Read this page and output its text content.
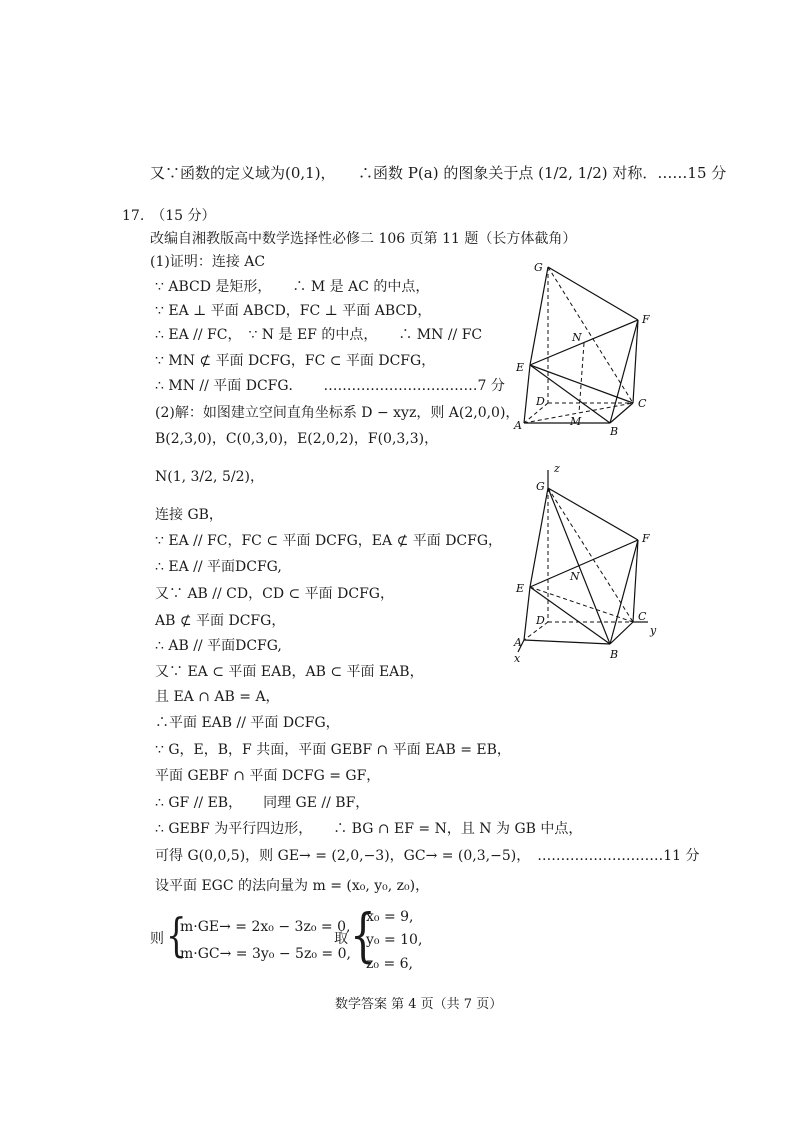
又∵函数的定义域为(0,1)，　　∴函数 P(a) 的图象关于点 (1/2, 1/2) 对称．……15 分
17.　（15 分）
改编自湘教版高中数学选择性必修二 106 页第 11 题（长方体截角）
(1)证明：连接 AC
∵ ABCD 是矩形，　　∴ M 是 AC 的中点，
∵ EA ⊥ 平面 ABCD，FC ⊥ 平面 ABCD，
∴ EA // FC，　∵ N 是 EF 的中点，　　∴ MN // FC
∵ MN ⊄ 平面 DCFG，FC ⊂ 平面 DCFG，
∴ MN // 平面 DCFG．　　……………………………7 分
(2)解：如图建立空间直角坐标系 D − xyz，则 A(2,0,0)，
B(2,3,0)，C(0,3,0)，E(2,0,2)，F(0,3,3)，
N(1, 3/2, 5/2)，
连接 GB，
∵ EA // FC，FC ⊂ 平面 DCFG，EA ⊄ 平面 DCFG，
∴ EA // 平面DCFG,
又∵ AB // CD，CD ⊂ 平面 DCFG，
AB ⊄ 平面 DCFG，
∴ AB // 平面DCFG,
又∵ EA ⊂ 平面 EAB，AB ⊂ 平面 EAB，
且 EA ∩ AB = A，
∴平面 EAB // 平面 DCFG，
∵ G，E，B，F 共面，平面 GEBF ∩ 平面 EAB = EB，
平面 GEBF ∩ 平面 DCFG = GF，
∴ GF // EB，　　同理 GE // BF，
∴ GEBF 为平行四边形，　　∴ BG ∩ EF = N，且 N 为 GB 中点，
可得 G(0,0,5)，则 GE→ = (2,0,−3)，GC→ = (0,3,−5)，　………………………11 分
设平面 EGC 的法向量为 m = (x₀, y₀, z₀)，
则 {
m·GE→ = 2x₀ − 3z₀ = 0,
m·GC→ = 3y₀ − 5z₀ = 0,
取 {
x₀ = 9,
y₀ = 10,
z₀ = 6,
数学答案 第 4 页（共 7 页）
G
F
N
E
D	C
A	M
B
z
G
F
N
E
D	C
y
A
x	B
